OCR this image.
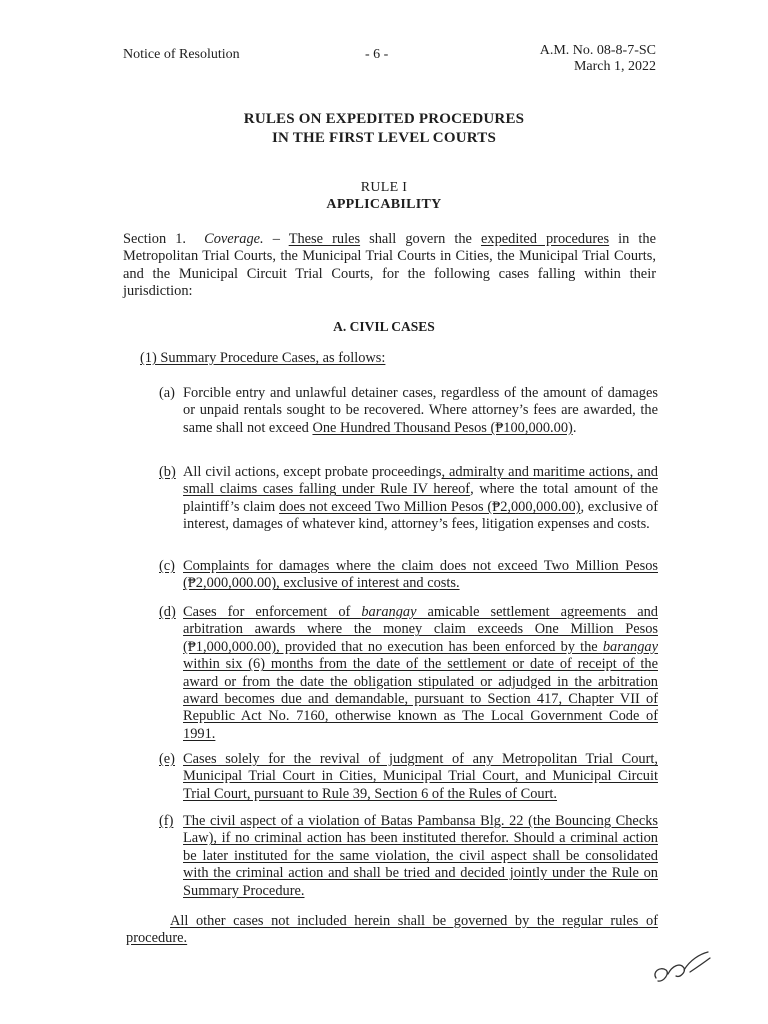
Notice of Resolution	- 6 -	A.M. No. 08-8-7-SC
March 1, 2022
RULES ON EXPEDITED PROCEDURES
IN THE FIRST LEVEL COURTS
RULE I
APPLICABILITY

Section 1. Coverage. – These rules shall govern the expedited procedures in the Metropolitan Trial Courts, the Municipal Trial Courts in Cities, the Municipal Trial Courts, and the Municipal Circuit Trial Courts, for the following cases falling within their jurisdiction:

A. CIVIL CASES

(1) Summary Procedure Cases, as follows:

(a) Forcible entry and unlawful detainer cases, regardless of the amount of damages or unpaid rentals sought to be recovered. Where attorney’s fees are awarded, the same shall not exceed One Hundred Thousand Pesos (₱100,000.00).

(b) All civil actions, except probate proceedings, admiralty and maritime actions, and small claims cases falling under Rule IV hereof, where the total amount of the plaintiff’s claim does not exceed Two Million Pesos (₱2,000,000.00), exclusive of interest, damages of whatever kind, attorney’s fees, litigation expenses and costs.

(c) Complaints for damages where the claim does not exceed Two Million Pesos (₱2,000,000.00), exclusive of interest and costs.

(d) Cases for enforcement of barangay amicable settlement agreements and arbitration awards where the money claim exceeds One Million Pesos (₱1,000,000.00), provided that no execution has been enforced by the barangay within six (6) months from the date of the settlement or date of receipt of the award or from the date the obligation stipulated or adjudged in the arbitration award becomes due and demandable, pursuant to Section 417, Chapter VII of Republic Act No. 7160, otherwise known as The Local Government Code of 1991.

(e) Cases solely for the revival of judgment of any Metropolitan Trial Court, Municipal Trial Court in Cities, Municipal Trial Court, and Municipal Circuit Trial Court, pursuant to Rule 39, Section 6 of the Rules of Court.

(f) The civil aspect of a violation of Batas Pambansa Blg. 22 (the Bouncing Checks Law), if no criminal action has been instituted therefor. Should a criminal action be later instituted for the same violation, the civil aspect shall be consolidated with the criminal action and shall be tried and decided jointly under the Rule on Summary Procedure.

All other cases not included herein shall be governed by the regular rules of procedure.
